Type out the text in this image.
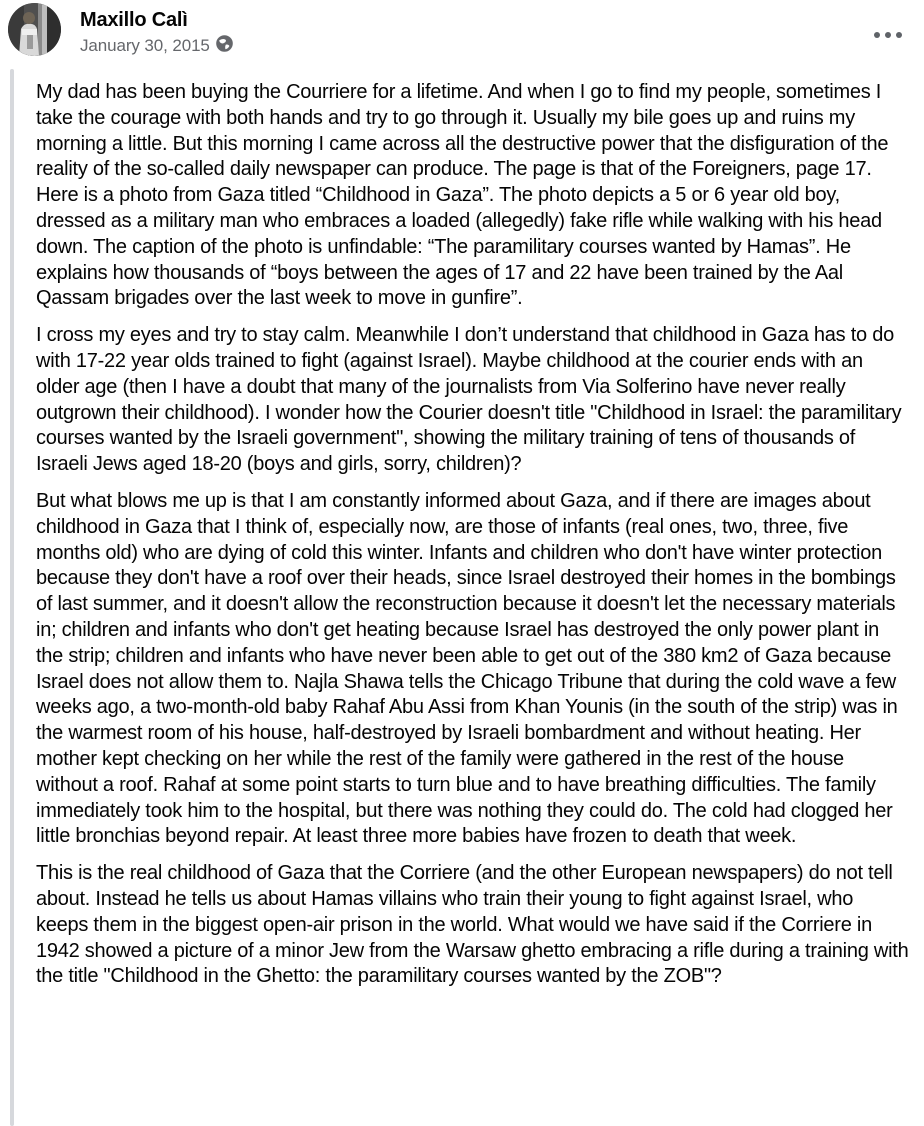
Maxillo Calì
January 30, 2015

My dad has been buying the Courriere for a lifetime. And when I go to find my people, sometimes I take the courage with both hands and try to go through it. Usually my bile goes up and ruins my morning a little. But this morning I came across all the destructive power that the disfiguration of the reality of the so-called daily newspaper can produce. The page is that of the Foreigners, page 17. Here is a photo from Gaza titled “Childhood in Gaza”. The photo depicts a 5 or 6 year old boy, dressed as a military man who embraces a loaded (allegedly) fake rifle while walking with his head down. The caption of the photo is unfindable: “The paramilitary courses wanted by Hamas”. He explains how thousands of “boys between the ages of 17 and 22 have been trained by the Aal Qassam brigades over the last week to move in gunfire”.

I cross my eyes and try to stay calm. Meanwhile I don’t understand that childhood in Gaza has to do with 17-22 year olds trained to fight (against Israel). Maybe childhood at the courier ends with an older age (then I have a doubt that many of the journalists from Via Solferino have never really outgrown their childhood). I wonder how the Courier doesn't title "Childhood in Israel: the paramilitary courses wanted by the Israeli government", showing the military training of tens of thousands of Israeli Jews aged 18-20 (boys and girls, sorry, children)?

But what blows me up is that I am constantly informed about Gaza, and if there are images about childhood in Gaza that I think of, especially now, are those of infants (real ones, two, three, five months old) who are dying of cold this winter. Infants and children who don't have winter protection because they don't have a roof over their heads, since Israel destroyed their homes in the bombings of last summer, and it doesn't allow the reconstruction because it doesn't let the necessary materials in; children and infants who don't get heating because Israel has destroyed the only power plant in the strip; children and infants who have never been able to get out of the 380 km2 of Gaza because Israel does not allow them to. Najla Shawa tells the Chicago Tribune that during the cold wave a few weeks ago, a two-month-old baby Rahaf Abu Assi from Khan Younis (in the south of the strip) was in the warmest room of his house, half-destroyed by Israeli bombardment and without heating. Her mother kept checking on her while the rest of the family were gathered in the rest of the house without a roof. Rahaf at some point starts to turn blue and to have breathing difficulties. The family immediately took him to the hospital, but there was nothing they could do. The cold had clogged her little bronchias beyond repair. At least three more babies have frozen to death that week.

This is the real childhood of Gaza that the Corriere (and the other European newspapers) do not tell about. Instead he tells us about Hamas villains who train their young to fight against Israel, who keeps them in the biggest open-air prison in the world. What would we have said if the Corriere in 1942 showed a picture of a minor Jew from the Warsaw ghetto embracing a rifle during a training with the title "Childhood in the Ghetto: the paramilitary courses wanted by the ZOB"?
